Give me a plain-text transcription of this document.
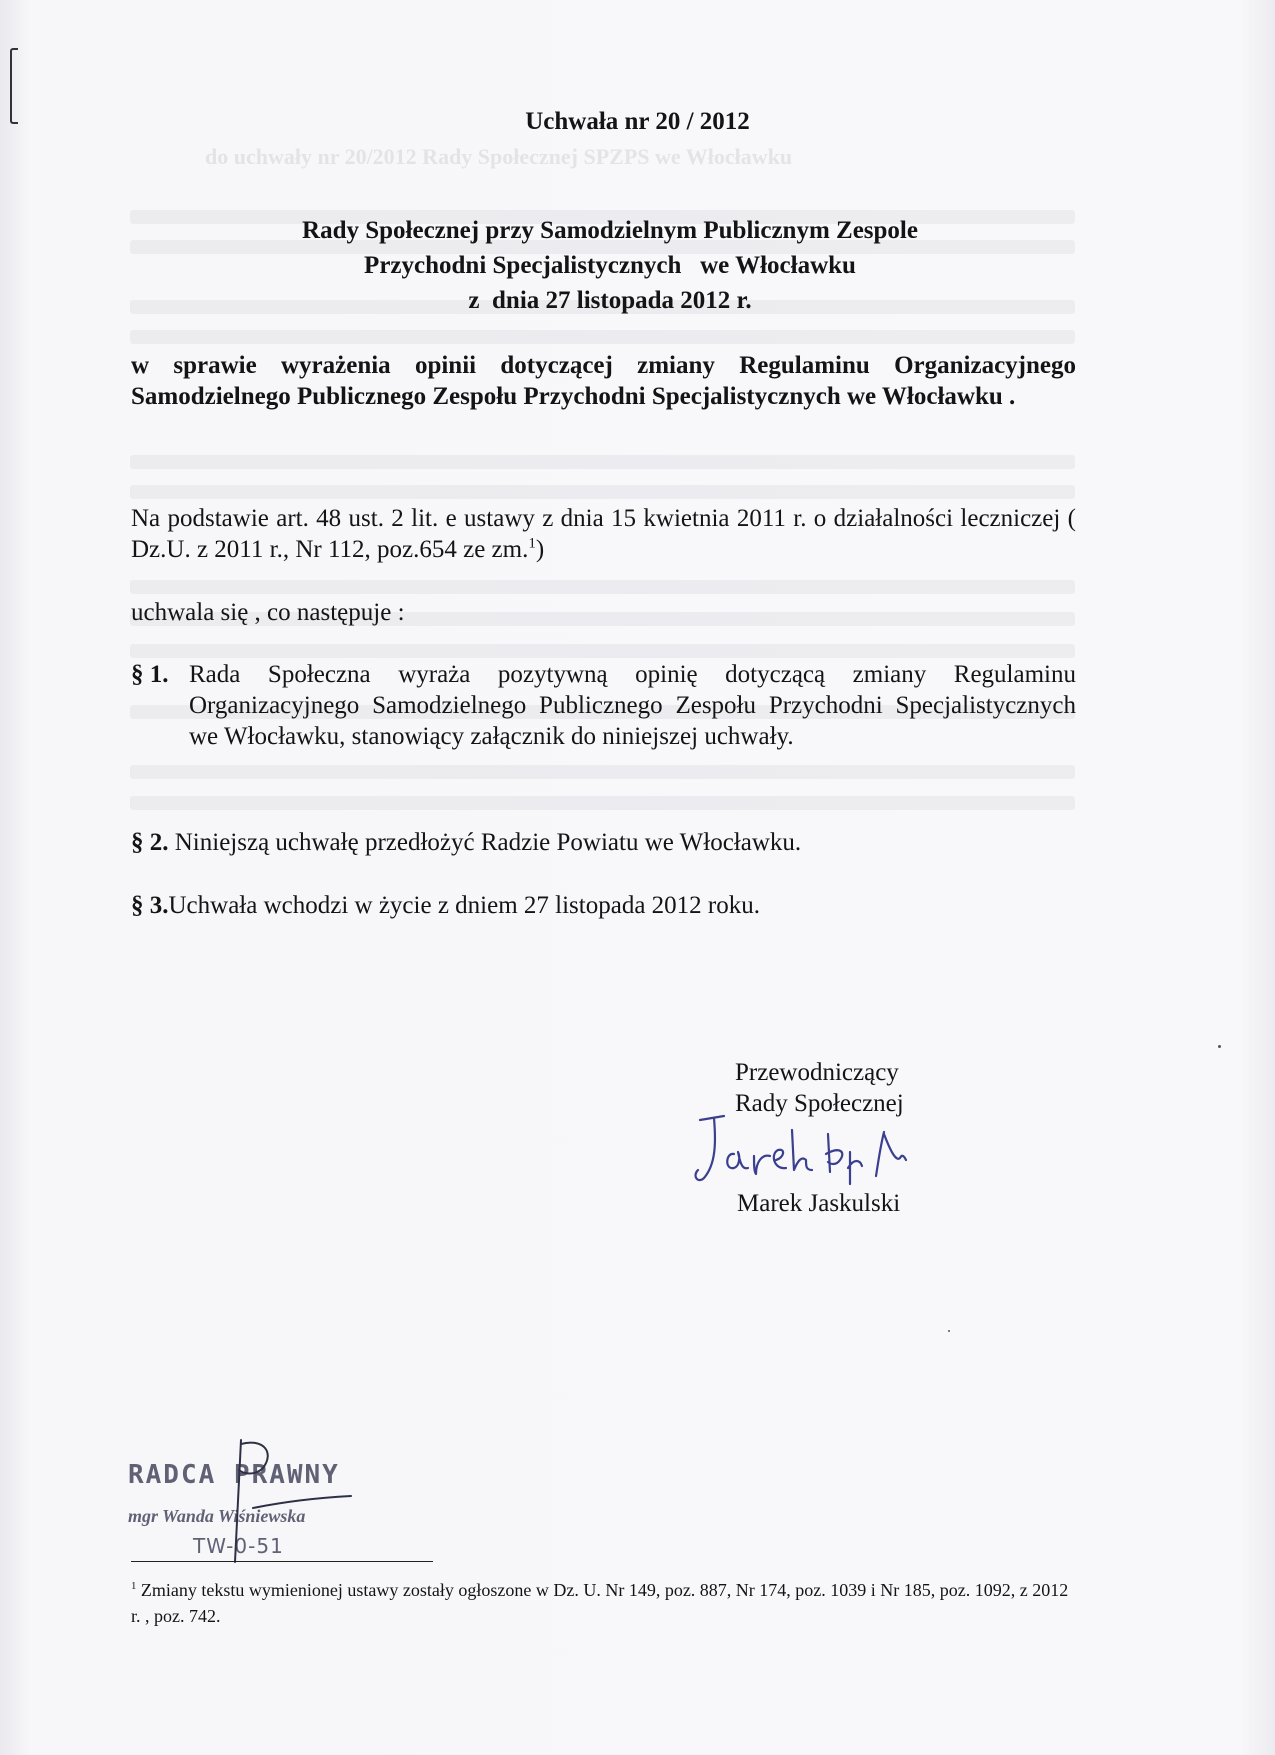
do uchwały nr 20/2012 Rady Społecznej SPZPS we Włocławku
Uchwała nr 20 / 2012
Rady Społecznej przy Samodzielnym Publicznym Zespole
Przychodni Specjalistycznych   we Włocławku
z  dnia 27 listopada 2012 r.
w sprawie wyrażenia opinii dotyczącej zmiany Regulaminu Organizacyjnego Samodzielnego Publicznego Zespołu Przychodni Specjalistycznych we Włocławku .
Na podstawie art. 48 ust. 2 lit. e ustawy z dnia 15 kwietnia 2011 r. o działalności leczniczej ( Dz.U. z 2011 r., Nr 112, poz.654 ze zm.$^1$)
uchwala się , co następuje :
§ 1. Rada Społeczna wyraża pozytywną opinię dotyczącą zmiany Regulaminu Organizacyjnego Samodzielnego Publicznego Zespołu Przychodni Specjalistycznych we Włocławku, stanowiący załącznik do niniejszej uchwały.
§ 2. Niniejszą uchwałę przedłożyć Radzie Powiatu we Włocławku.
§ 3.Uchwała wchodzi w życie z dniem 27 listopada 2012 roku.
Przewodniczący
Rady Społecznej
Marek Jaskulski
RADCA PRAWNY
mgr Wanda Wiśniewska
TW-0-51
$^1$ Zmiany tekstu wymienionej ustawy zostały ogłoszone w Dz. U. Nr 149, poz. 887, Nr 174, poz. 1039 i Nr 185, poz. 1092, z 2012 r. , poz. 742.
